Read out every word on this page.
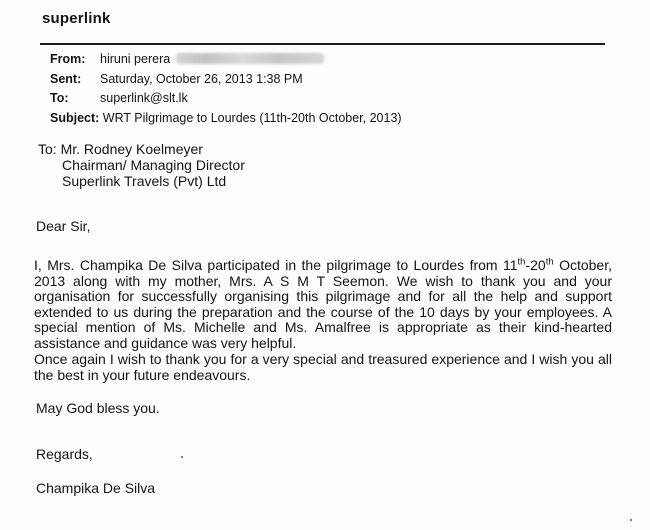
superlink
From: hiruni perera
Sent: Saturday, October 26, 2013 1:38 PM
To:	superlink@slt.lk
Subject: WRT Pilgrimage to Lourdes (11th-20th October, 2013)
To: Mr. Rodney Koelmeyer
Chairman/ Managing Director
Superlink Travels (Pvt) Ltd
Dear Sir,
I, Mrs. Champika De Silva participated in the pilgrimage to Lourdes from 11th-20th October, 2013 along with my mother, Mrs. A S M T Seemon. We wish to thank you and your organisation for successfully organising this pilgrimage and for all the help and support extended to us during the preparation and the course of the 10 days by your employees. A special mention of Ms. Michelle and Ms. Amalfree is appropriate as their kind-hearted assistance and guidance was very helpful.
Once again I wish to thank you for a very special and treasured experience and I wish you all the best in your future endeavours.
May God bless you.
Regards,
Champika De Silva
